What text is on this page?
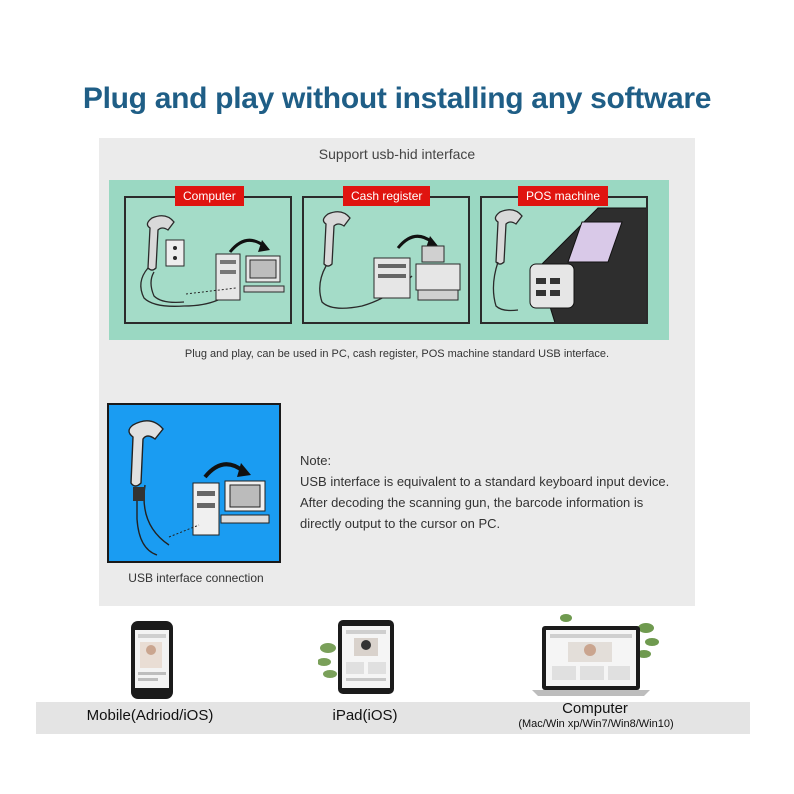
Plug and play without installing any software
Support usb-hid interface
Computer	Cash register	POS machine
Plug and play, can be used in PC, cash register, POS machine standard USB interface.
USB interface connection
Note:
USB interface is equivalent to a standard keyboard input device.
After decoding the scanning gun, the barcode information is
directly output to the cursor on PC.
Mobile(Adriod/iOS)	iPad(iOS)	Computer
(Mac/Win xp/Win7/Win8/Win10)
